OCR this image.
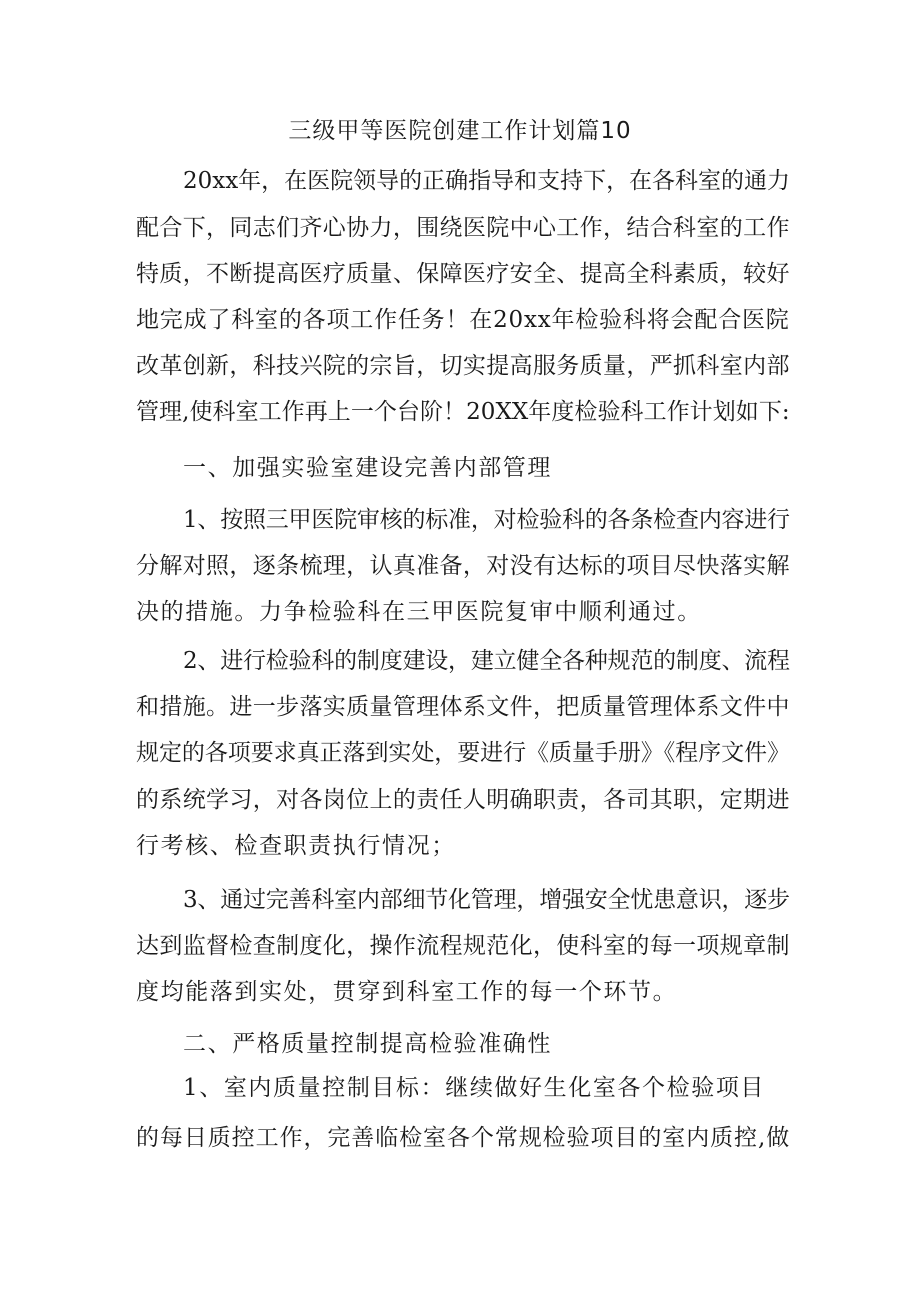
三级甲等医院创建工作计划篇10
20xx年，在医院领导的正确指导和支持下，在各科室的通力
配合下，同志们齐心协力，围绕医院中心工作，结合科室的工作
特质，不断提高医疗质量、保障医疗安全、提高全科素质，较好
地完成了科室的各项工作任务！在20xx年检验科将会配合医院
改革创新，科技兴院的宗旨，切实提高服务质量，严抓科室内部
管理,使科室工作再上一个台阶！20XX年度检验科工作计划如下:
一、加强实验室建设完善内部管理
1、按照三甲医院审核的标准，对检验科的各条检查内容进行
分解对照，逐条梳理，认真准备，对没有达标的项目尽快落实解
决的措施。力争检验科在三甲医院复审中顺利通过。
2、进行检验科的制度建设，建立健全各种规范的制度、流程
和措施。进一步落实质量管理体系文件，把质量管理体系文件中
规定的各项要求真正落到实处，要进行《质量手册》《程序文件》
的系统学习，对各岗位上的责任人明确职责，各司其职，定期进
行考核、检查职责执行情况；
3、通过完善科室内部细节化管理，增强安全忧患意识，逐步
达到监督检查制度化，操作流程规范化，使科室的每一项规章制
度均能落到实处，贯穿到科室工作的每一个环节。
二、严格质量控制提高检验准确性
1、室内质量控制目标：继续做好生化室各个检验项目
的每日质控工作，完善临检室各个常规检验项目的室内质控,做
